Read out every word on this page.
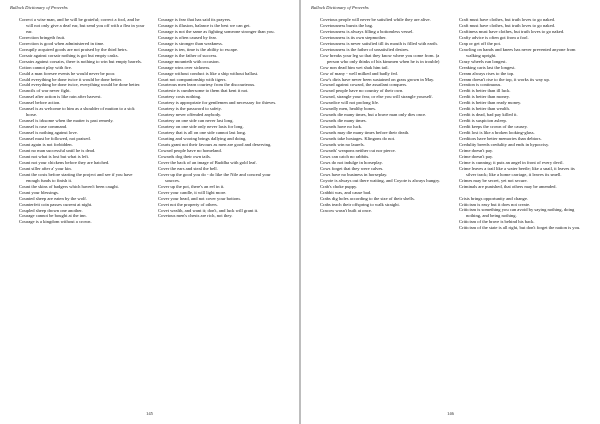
Bullock Dictionary of Proverbs

Correct a wise man, and he will be grateful; correct a fool, and he will not only give a deaf ear, but send you off with a flea in your ear.

Correction bringeth fruit.

Correction is good when administered in time.

Corruptly acquired goods are not praised by the third heirs.

Corsair against corsair nothing is got but empty casks.

Corsairs against corsairs, there is nothing to win but empty barrels.

Cotton cannot play with fire.

Could a man foresee events he would never be poor.

Could everything be done twice it would be done better.

Could everything be done twice, everything would be done better.

Councils of war never fight.

Counsel after action is like rain after harvest.

Counsel before action.

Counsel is as welcome to him as a shoulder of mutton to a sick horse.

Counsel is irksome when the matter is past remedy.

Counsel is rase command.

Counsel is nothing against love.

Counsel must be followed, not praised.

Count again is not forbidden.

Count no man successful until he is dead.

Count not what is lost but what is left.

Count not your chickens before they are hatched.

Count siller after a' your kin.

Count the costs before starting the project and see if you have enough funds to finish it.

Count the skins of badgers which haven't been caught.

Count your blessings.

Counted sheep are eaten by the wolf.

Counterfeit coin passes current at night.

Coupled sheep drown one another.

Courage cannot be bought at the inn.

Courage is a kingdom without a crown.

Courage is fear that has said its prayers.

Courage is illusion, balance is the best we can get.

Courage is not the same as fighting someone stronger than you.

Courage is often caused by fear.

Courage is stronger than weakness.

Courage is ten, time is the ability to escape.

Courage is the father of success.

Courage mounteth with occasion.

Courage wins over sickness.

Courage without conduct is like a ship without ballast.

Court not companionship with tigers.

Courteous men learn courtesy from the discourteous.

Courtesie is cumbersome to them that kent it not.

Courtesy costs nothing.

Courtesy is appropriate for gentlemen and necessary for thieves.

Courtesy is the password to safety.

Courtesy never offended anybody.

Courtesy on one side can never last long.

Courtesy on one side only never lasts for long.

Courtesy that is all on one side cannot last long.

Courting and wooing brings dallying and doing.

Courts grant not their favours as men are good and deserving.

Coward people have no homeland.

Cowards dog their own tails.

Cover the back of an image of Buddha with gold leaf.

Cover the ears and steal the bell.

Cover up the good you do - do like the Nile and conceal your sources.

Cover up the pot, there's an eel in it.

Cover your candle, it will light more.

Cover your head, and not cover your bottom.

Covet not the property of others.

Covet wealth, and want it; don't, and luck will grant it.

Covetous men's chests are rich, not they.

145
Bullock Dictionary of Proverbs

Covetous people will never be satisfied while they are alive.

Covetousness bursts the bag.

Covetousness is always filling a bottomless vessel.

Covetousness is its own stepmother.

Covetousness is never satisfied till its mouth is filled with earth.

Covetousness is the father of unsatisfied desires.

Cow breaks your leg so that they know where you come from. (a person who only thinks of his kinsmen when he is in trouble)

Cow non dead him wet shak him tail.

Cow of many - well milked and badly fed.

Cow's dirts have never been sustained on grass grown in May.

Coward against coward, the assailant conquers.

Coward people have no country of their own.

Coward, strangle your fear, or else you will strangle yourself.

Cowardice will not prolong life.

Cowardly men, healthy bones.

Cowards die many times, but a brave man only dies once.

Cowards die many times.

Cowards have no luck.

Cowards may die many times before their death.

Cowards take hostages. Klingons do not.

Cowards win no laurels.

Cowards' weapons neither cut nor pierce.

Cows can catch no rabbits.

Cows do not indulge in horseplay.

Cows forget that they were calves.

Cows have no business in horseplay.

Coyote is always out there waiting, and Coyote is always hungry.

Crab's choke puppy.

Crabbit was, and cause bad.

Crabs dig holes according to the size of their shells.

Crabs teach their offspring to walk straight.

Cracow wasn't built at once.

Craft must have clothes, but truth loves to go naked.

Craft must have clothes, but truth loves to go naked.

Craftiness must have clothes, but truth loves to go naked.

Crafty advice is often got from a fool.

Crap or get off the pot.

Crawling on hands and knees has never prevented anyone from walking upright.

Crazy wheels run longest.

Creaking carts last the longest.

Cream always rises to the top.

Cream doesn't rise to the top, it works its way up.

Creation is continuous.

Credit is better than ill luck.

Credit is better than money.

Credit is better than ready money.

Credit is better than wealth.

Credit is dead, bad pay killed it.

Credit is suspicion asleep.

Credit keeps the crown of the causey.

Credit lost is like a broken looking-glass.

Creditors have better memories than debtors.

Credulity breeds credulity and ends in hypocrisy.

Crime doesn't pay.

Crime doesn't pay.

Crime is cunning; it puts an angel in front of every devil.

Crime leaves a trail like a water beetle; like a snail, it leaves its silver track; like a home carriage, it leaves its smell.

Crimes may be secret, yet not secure.

Criminals are punished, that others may be amended.

Crisis brings opportunity and change.

Criticism is easy but it does not create.

Criticism is something you can avoid by saying nothing, doing nothing, and being nothing.

Criticism of the brave is behind his back.

Criticism of the state is all right, but don't forget the nation is you.

146
